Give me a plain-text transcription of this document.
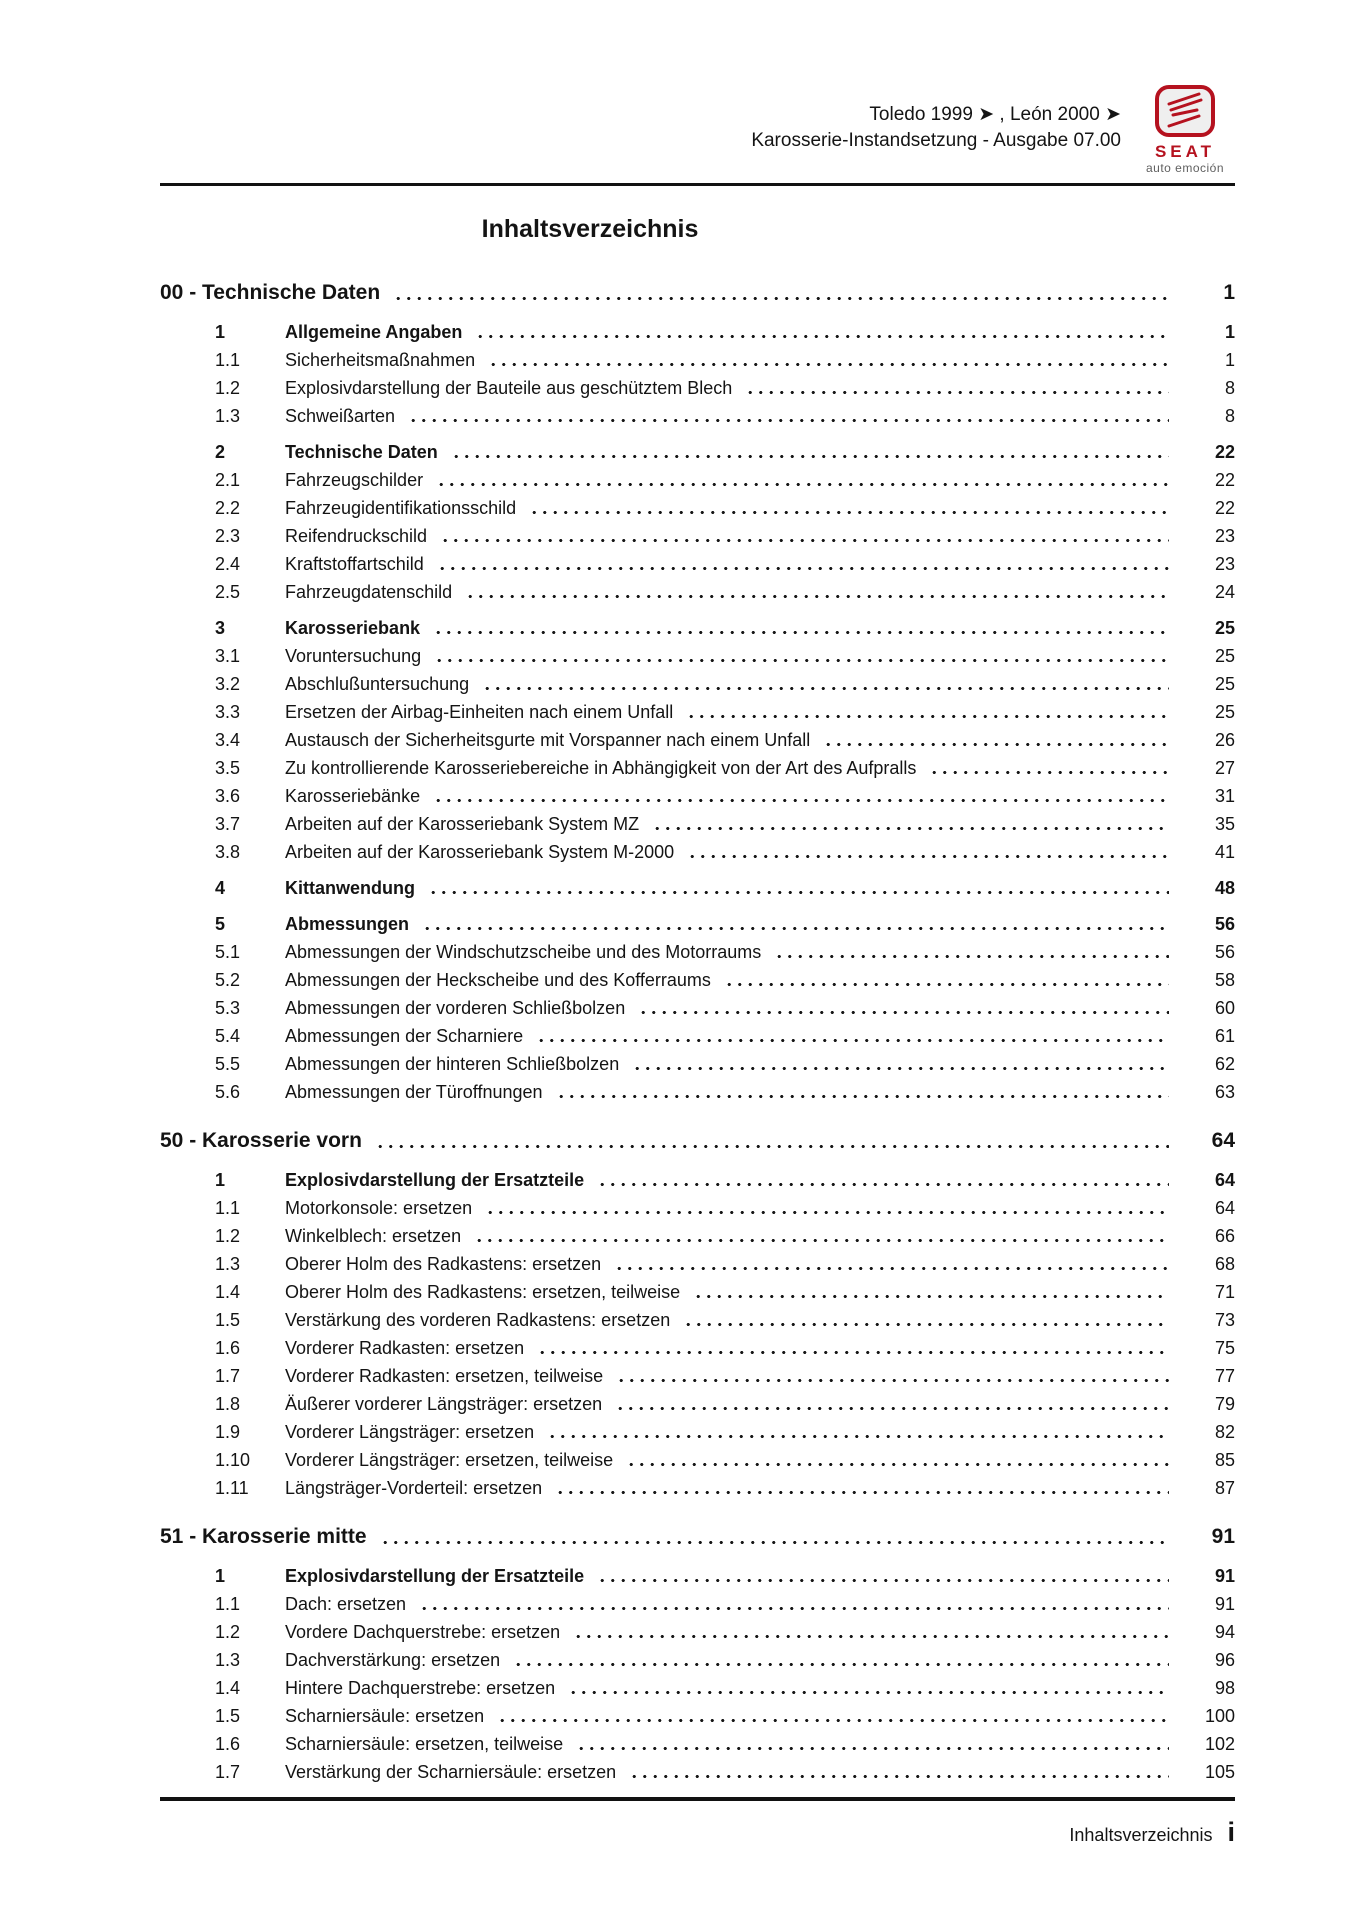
Toledo 1999 ➤ , León 2000 ➤
Karosserie-Instandsetzung - Ausgabe 07.00
SEAT
auto emoción
Inhaltsverzeichnis
00 - Technische Daten	1
1	Allgemeine Angaben	1
1.1	Sicherheitsmaßnahmen	1
1.2	Explosivdarstellung der Bauteile aus geschütztem Blech	8
1.3	Schweißarten	8
2	Technische Daten	22
2.1	Fahrzeugschilder	22
2.2	Fahrzeugidentifikationsschild	22
2.3	Reifendruckschild	23
2.4	Kraftstoffartschild	23
2.5	Fahrzeugdatenschild	24
3	Karosseriebank	25
3.1	Voruntersuchung	25
3.2	Abschlußuntersuchung	25
3.3	Ersetzen der Airbag-Einheiten nach einem Unfall	25
3.4	Austausch der Sicherheitsgurte mit Vorspanner nach einem Unfall	26
3.5	Zu kontrollierende Karosseriebereiche in Abhängigkeit von der Art des Aufpralls	27
3.6	Karosseriebänke	31
3.7	Arbeiten auf der Karosseriebank System MZ	35
3.8	Arbeiten auf der Karosseriebank System M-2000	41
4	Kittanwendung	48
5	Abmessungen	56
5.1	Abmessungen der Windschutzscheibe und des Motorraums	56
5.2	Abmessungen der Heckscheibe und des Kofferraums	58
5.3	Abmessungen der vorderen Schließbolzen	60
5.4	Abmessungen der Scharniere	61
5.5	Abmessungen der hinteren Schließbolzen	62
5.6	Abmessungen der Türoffnungen	63
50 - Karosserie vorn	64
1	Explosivdarstellung der Ersatzteile	64
1.1	Motorkonsole: ersetzen	64
1.2	Winkelblech: ersetzen	66
1.3	Oberer Holm des Radkastens: ersetzen	68
1.4	Oberer Holm des Radkastens: ersetzen, teilweise	71
1.5	Verstärkung des vorderen Radkastens: ersetzen	73
1.6	Vorderer Radkasten: ersetzen	75
1.7	Vorderer Radkasten: ersetzen, teilweise	77
1.8	Äußerer vorderer Längsträger: ersetzen	79
1.9	Vorderer Längsträger: ersetzen	82
1.10	Vorderer Längsträger: ersetzen, teilweise	85
1.11	Längsträger-Vorderteil: ersetzen	87
51 - Karosserie mitte	91
1	Explosivdarstellung der Ersatzteile	91
1.1	Dach: ersetzen	91
1.2	Vordere Dachquerstrebe: ersetzen	94
1.3	Dachverstärkung: ersetzen	96
1.4	Hintere Dachquerstrebe: ersetzen	98
1.5	Scharniersäule: ersetzen	100
1.6	Scharniersäule: ersetzen, teilweise	102
1.7	Verstärkung der Scharniersäule: ersetzen	105
Inhaltsverzeichnis i
